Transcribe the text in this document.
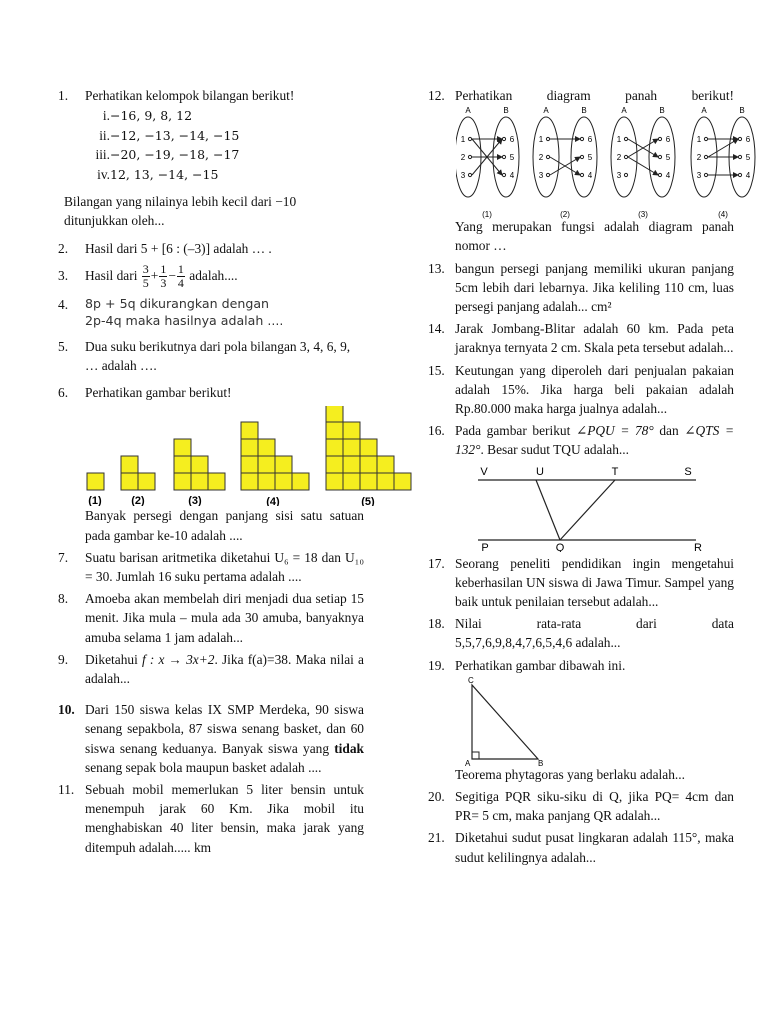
1. Perhatikan kelompok bilangan berikut!
i. −16, 9, 8, 12
ii. −12, −13, −14, −15
iii. −20, −19, −18, −17
iv. 12, 13, −14, −15
Bilangan yang nilainya lebih kecil dari −10
ditunjukkan oleh...
2. Hasil dari 5 + [6 : (–3)] adalah … .
3. Hasil dari $\frac{3}{5} + \frac{1}{3} - \frac{1}{4}$ adalah....
4. 8p + 5q dikurangkan dengan
2p-4q maka hasilnya adalah ....
5. Dua suku berikutnya dari pola bilangan 3, 4, 6, 9, … adalah ….
6. Perhatikan gambar berikut!
(1)	(2)	(3)	(4)	(5)
Banyak persegi dengan panjang sisi satu satuan pada gambar ke-10 adalah ....
7. Suatu barisan aritmetika diketahui U₆ = 18 dan U₁₀ = 30. Jumlah 16 suku pertama adalah ....
8. Amoeba akan membelah diri menjadi dua setiap 15 menit. Jika mula – mula ada 30 amuba, banyaknya amuba selama 1 jam adalah...
9. Diketahui f : x → 3x+2. Jika f(a)=38. Maka nilai a adalah...
10. Dari 150 siswa kelas IX SMP Merdeka, 90 siswa senang sepakbola, 87 siswa senang basket, dan 60 siswa senang keduanya. Banyak siswa yang tidak senang sepak bola maupun basket adalah ....
11. Sebuah mobil memerlukan 5 liter bensin untuk menempuh jarak 60 Km. Jika mobil itu menghabiskan 40 liter bensin, maka jarak yang ditempuh adalah..... km
12. Perhatikan diagram panah berikut!
A	B
1
2
3
6
5
4
(1)
A	B
1
2
3
6
5
4
(2)
A	B
1
2
3
6
5
4
(3)
A	B
1
2
3
6
5
4
(4)
Yang merupakan fungsi adalah diagram panah nomor …
13. bangun persegi panjang memiliki ukuran panjang 5cm lebih dari lebarnya. Jika keliling 110 cm, luas persegi panjang adalah... cm²
14. Jarak Jombang-Blitar adalah 60 km. Pada peta jaraknya ternyata 2 cm. Skala peta tersebut adalah...
15. Keutungan yang diperoleh dari penjualan pakaian adalah 15%. Jika harga beli pakaian adalah Rp.80.000 maka harga jualnya adalah...
16. Pada gambar berikut ∠PQU = 78° dan ∠QTS = 132°. Besar sudut TQU adalah...
V	U	T	S
P	Q	R
17. Seorang peneliti pendidikan ingin mengetahui keberhasilan UN siswa di Jawa Timur. Sampel yang baik untuk penilaian tersebut adalah...
18. Nilai rata-rata dari data
5,5,7,6,9,8,4,7,6,5,4,6 adalah...
19. Perhatikan gambar dibawah ini.
C
A	B
Teorema phytagoras yang berlaku adalah...
20. Segitiga PQR siku-siku di Q, jika PQ= 4cm dan PR= 5 cm, maka panjang QR adalah...
21. Diketahui sudut pusat lingkaran adalah 115°, maka sudut kelilingnya adalah...
